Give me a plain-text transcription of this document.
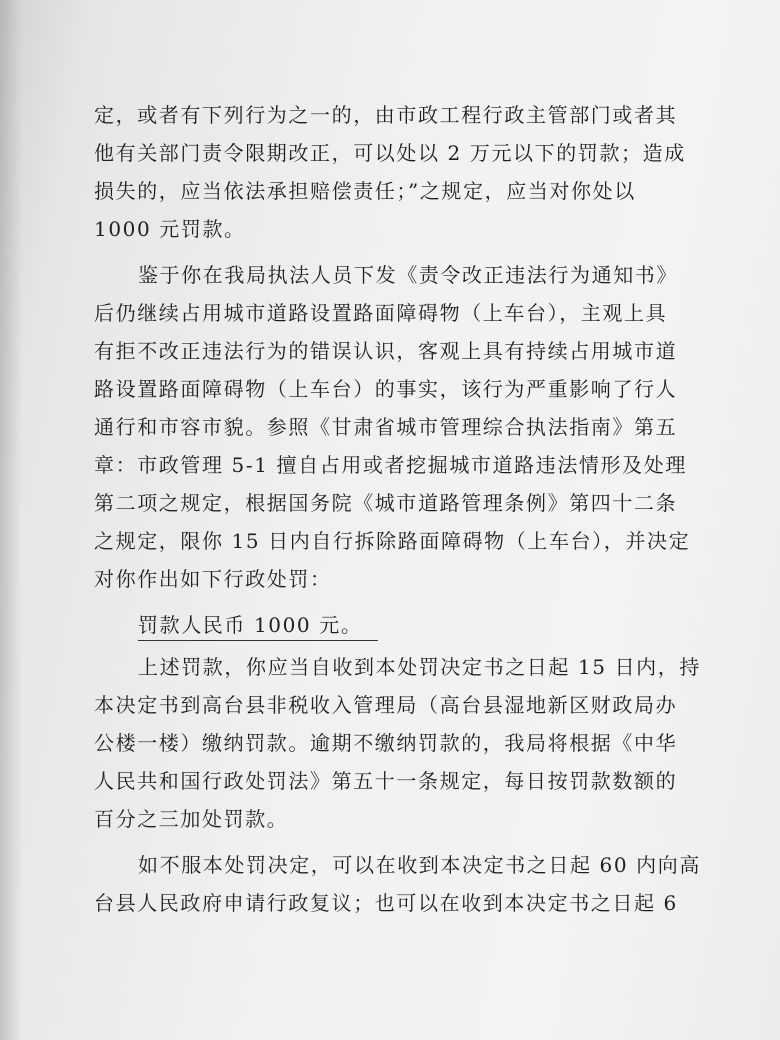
定，或者有下列行为之一的，由市政工程行政主管部门或者其
他有关部门责令限期改正，可以处以 2 万元以下的罚款；造成
损失的，应当依法承担赔偿责任；”之规定，应当对你处以
1000 元罚款。

鉴于你在我局执法人员下发《责令改正违法行为通知书》
后仍继续占用城市道路设置路面障碍物（上车台），主观上具
有拒不改正违法行为的错误认识，客观上具有持续占用城市道
路设置路面障碍物（上车台）的事实，该行为严重影响了行人
通行和市容市貌。参照《甘肃省城市管理综合执法指南》第五
章：市政管理 5-1 擅自占用或者挖掘城市道路违法情形及处理
第二项之规定，根据国务院《城市道路管理条例》第四十二条
之规定，限你 15 日内自行拆除路面障碍物（上车台），并决定
对你作出如下行政处罚：

罚款人民币 1000 元。

上述罚款，你应当自收到本处罚决定书之日起 15 日内，持
本决定书到高台县非税收入管理局（高台县湿地新区财政局办
公楼一楼）缴纳罚款。逾期不缴纳罚款的，我局将根据《中华
人民共和国行政处罚法》第五十一条规定，每日按罚款数额的
百分之三加处罚款。

如不服本处罚决定，可以在收到本决定书之日起 60 内向高
台县人民政府申请行政复议；也可以在收到本决定书之日起 6
